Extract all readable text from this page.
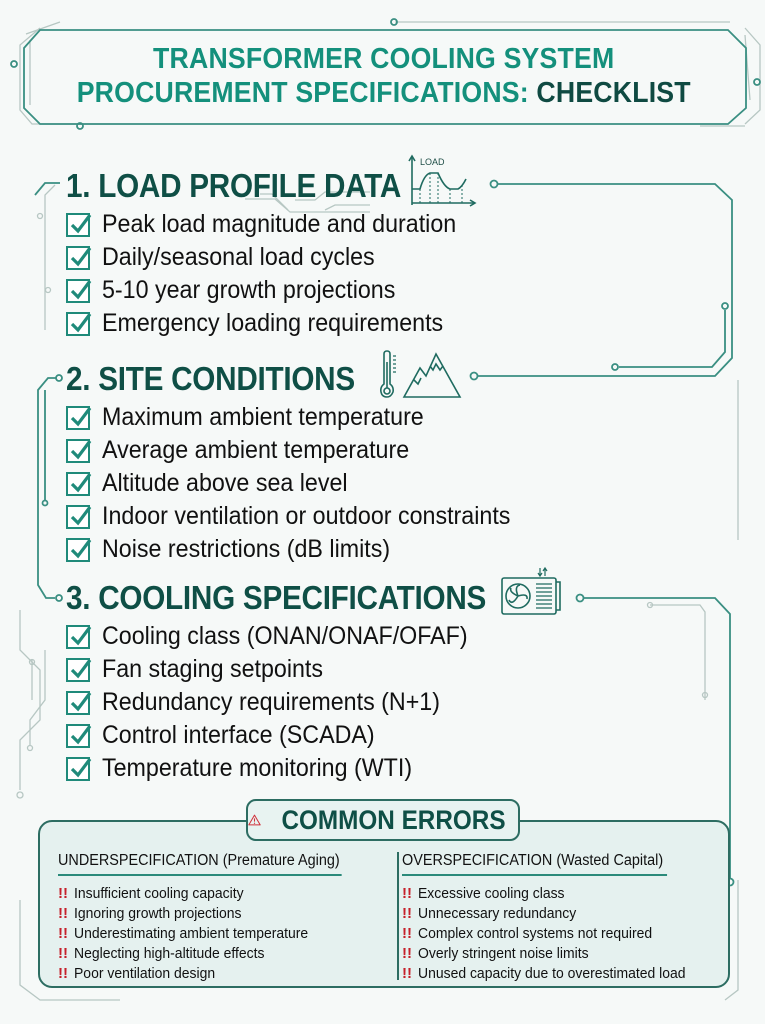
TRANSFORMER COOLING SYSTEM
PROCUREMENT SPECIFICATIONS: CHECKLIST
1. LOAD PROFILE DATA
Peak load magnitude and duration
Daily/seasonal load cycles
5-10 year growth projections
Emergency loading requirements
LOAD
2. SITE CONDITIONS
Maximum ambient temperature
Average ambient temperature
Altitude above sea level
Indoor ventilation or outdoor constraints
Noise restrictions (dB limits)
3. COOLING SPECIFICATIONS
Cooling class (ONAN/ONAF/OFAF)
Fan staging setpoints
Redundancy requirements (N+1)
Control interface (SCADA)
Temperature monitoring (WTI)
COMMON ERRORS
UNDERSPECIFICATION (Premature Aging)
!! Insufficient cooling capacity
!! Ignoring growth projections
!! Underestimating ambient temperature
!! Neglecting high-altitude effects
!! Poor ventilation design
OVERSPECIFICATION (Wasted Capital)
!! Excessive cooling class
!! Unnecessary redundancy
!! Complex control systems not required
!! Overly stringent noise limits
!! Unused capacity due to overestimated load
